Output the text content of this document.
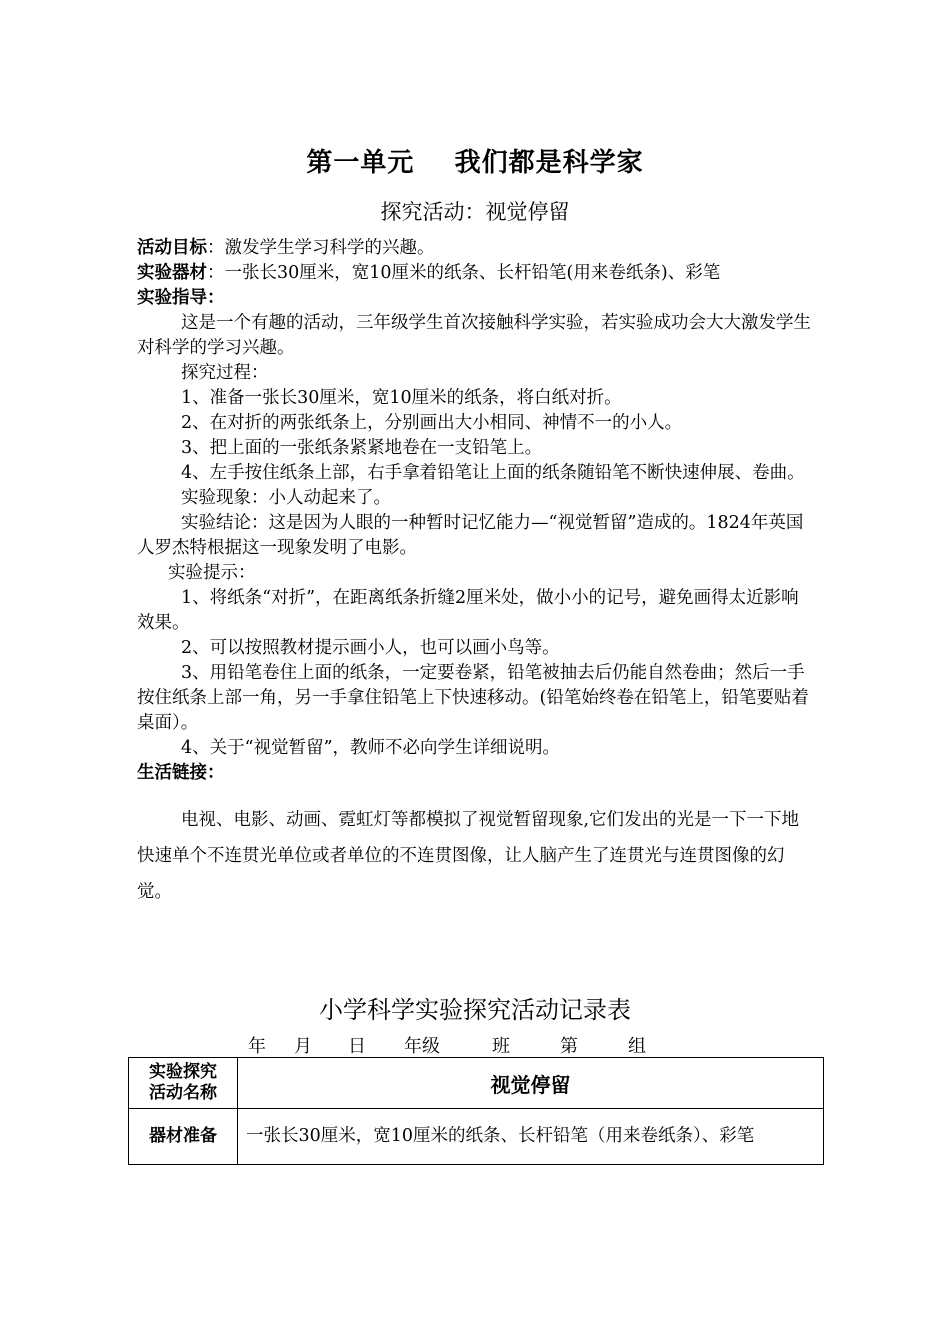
第一单元    我们都是科学家
探究活动：视觉停留

活动目标：激发学生学习科学的兴趣。

实验器材：一张长30厘米，宽10厘米的纸条、长杆铅笔(用来卷纸条)、彩笔

实验指导：

这是一个有趣的活动，三年级学生首次接触科学实验，若实验成功会大大激发学生对科学的学习兴趣。

探究过程：

1、准备一张长30厘米，宽10厘米的纸条，将白纸对折。

2、在对折的两张纸条上，分别画出大小相同、神情不一的小人。

3、把上面的一张纸条紧紧地卷在一支铅笔上。

4、左手按住纸条上部，右手拿着铅笔让上面的纸条随铅笔不断快速伸展、卷曲。

实验现象：小人动起来了。

实验结论：这是因为人眼的一种暂时记忆能力—“视觉暂留”造成的。1824年英国人罗杰特根据这一现象发明了电影。

实验提示：

1、将纸条“对折”，在距离纸条折缝2厘米处，做小小的记号，避免画得太近影响效果。

2、可以按照教材提示画小人，也可以画小鸟等。

3、用铅笔卷住上面的纸条，一定要卷紧，铅笔被抽去后仍能自然卷曲；然后一手按住纸条上部一角，另一手拿住铅笔上下快速移动。(铅笔始终卷在铅笔上，铅笔要贴着桌面）。

4、关于“视觉暂留”，教师不必向学生详细说明。

生活链接：

电视、电影、动画、霓虹灯等都模拟了视觉暂留现象,它们发出的光是一下一下地快速单个不连贯光单位或者单位的不连贯图像，让人脑产生了连贯光与连贯图像的幻觉。

小学科学实验探究活动记录表
年 月 日 年级	班	第	组
实验探究活动名称	视觉停留
器材准备	一张长30厘米，宽10厘米的纸条、长杆铅笔（用来卷纸条）、彩笔
